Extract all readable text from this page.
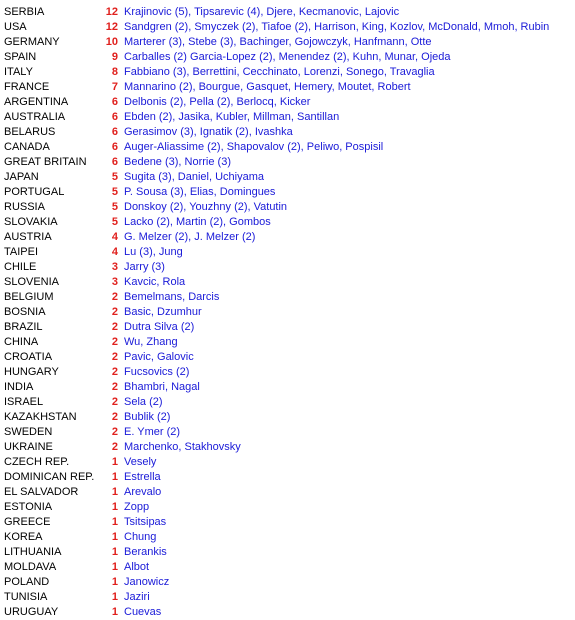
SERBIA	12 Krajinovic (5), Tipsarevic (4), Djere, Kecmanovic, Lajovic
USA	12 Sandgren (2), Smyczek (2), Tiafoe (2), Harrison, King, Kozlov, McDonald, Mmoh, Rubin
GERMANY	10 Marterer (3), Stebe (3), Bachinger, Gojowczyk, Hanfmann, Otte
SPAIN	9 Carballes (2) Garcia-Lopez (2), Menendez (2), Kuhn, Munar, Ojeda
ITALY	8 Fabbiano (3), Berrettini, Cecchinato, Lorenzi, Sonego, Travaglia
FRANCE	7 Mannarino (2), Bourgue, Gasquet, Hemery, Moutet, Robert
ARGENTINA	6 Delbonis (2), Pella (2), Berlocq, Kicker
AUSTRALIA	6 Ebden (2), Jasika, Kubler, Millman, Santillan
BELARUS	6 Gerasimov (3), Ignatik (2), Ivashka
CANADA	6 Auger-Aliassime (2), Shapovalov (2), Peliwo, Pospisil
GREAT BRITAIN	6 Bedene (3), Norrie (3)
JAPAN	5 Sugita (3), Daniel, Uchiyama
PORTUGAL	5 P. Sousa (3), Elias, Domingues
RUSSIA	5 Donskoy (2), Youzhny (2), Vatutin
SLOVAKIA	5 Lacko (2), Martin (2), Gombos
AUSTRIA	4 G. Melzer (2), J. Melzer (2)
TAIPEI	4 Lu (3), Jung
CHILE	3 Jarry (3)
SLOVENIA	3 Kavcic, Rola
BELGIUM	2 Bemelmans, Darcis
BOSNIA	2 Basic, Dzumhur
BRAZIL	2 Dutra Silva (2)
CHINA	2 Wu, Zhang
CROATIA	2 Pavic, Galovic
HUNGARY	2 Fucsovics (2)
INDIA	2 Bhambri, Nagal
ISRAEL	2 Sela (2)
KAZAKHSTAN	2 Bublik (2)
SWEDEN	2 E. Ymer (2)
UKRAINE	2 Marchenko, Stakhovsky
CZECH REP.	1 Vesely
DOMINICAN REP.	1 Estrella
EL SALVADOR	1 Arevalo
ESTONIA	1 Zopp
GREECE	1 Tsitsipas
KOREA	1 Chung
LITHUANIA	1 Berankis
MOLDAVA	1 Albot
POLAND	1 Janowicz
TUNISIA	1 Jaziri
URUGUAY	1 Cuevas
